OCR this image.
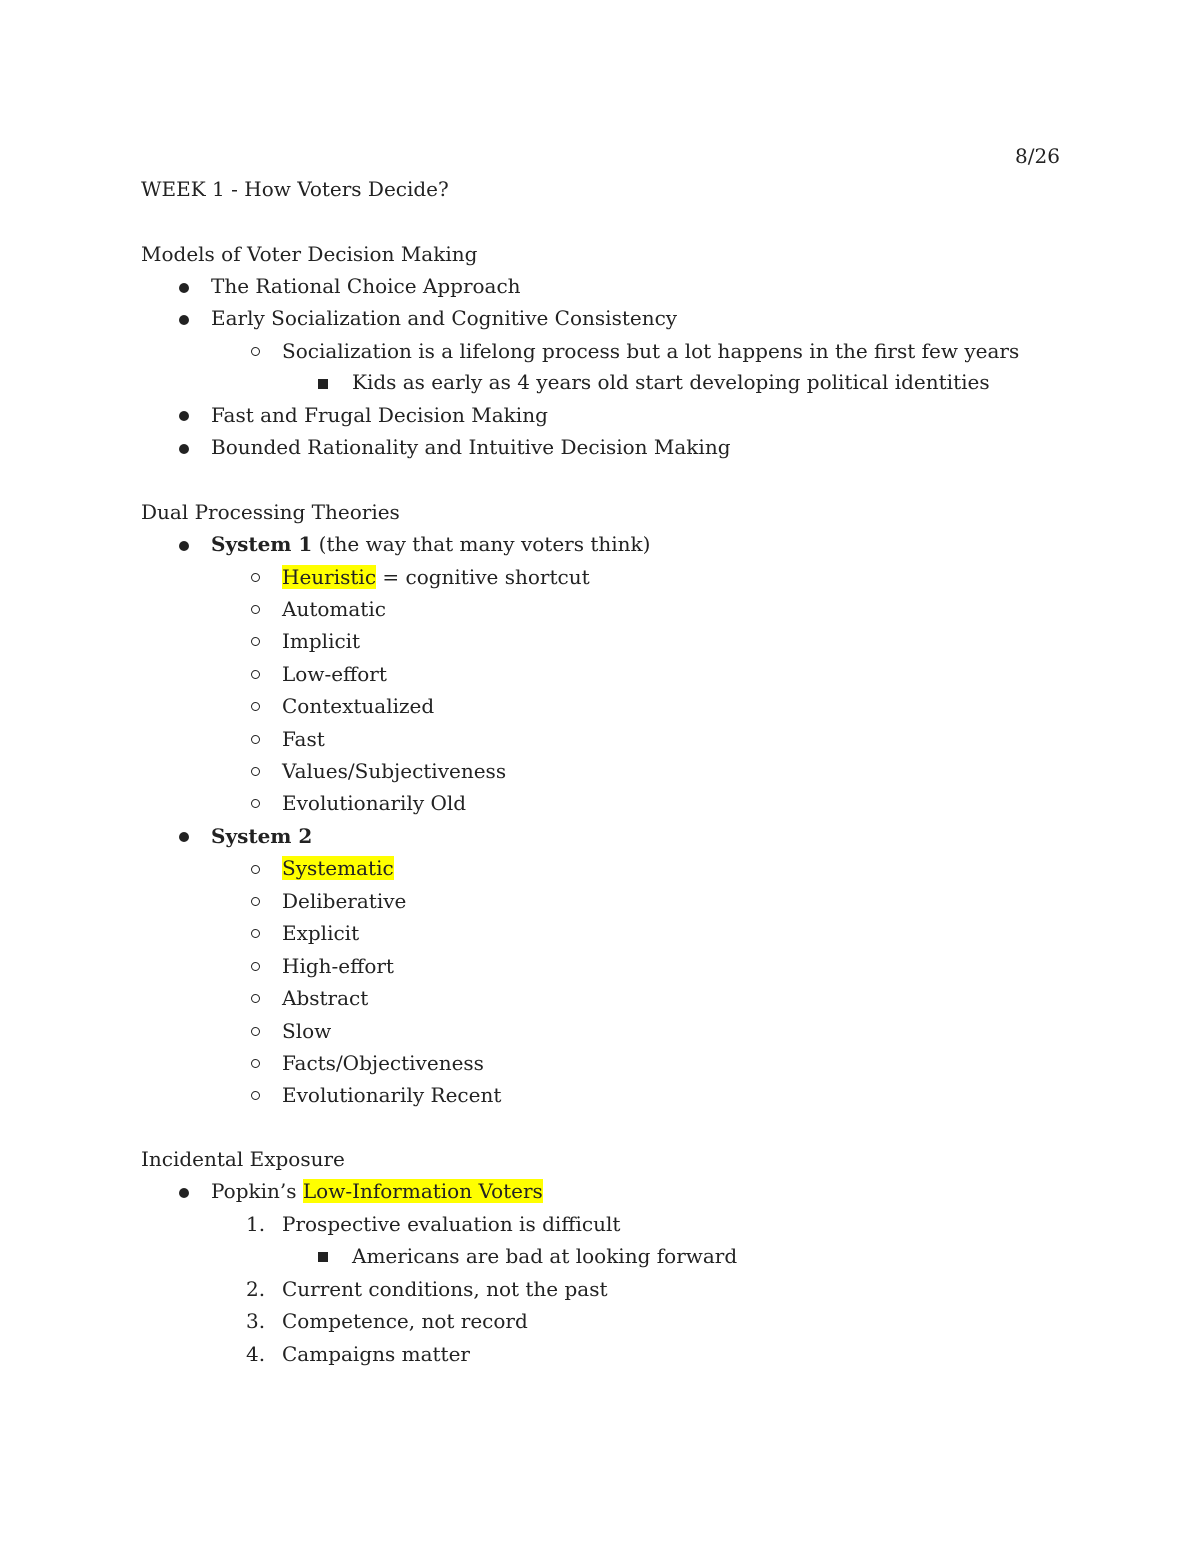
8/26
WEEK 1 - How Voters Decide?
Models of Voter Decision Making
The Rational Choice Approach
Early Socialization and Cognitive Consistency
Socialization is a lifelong process but a lot happens in the first few years
Kids as early as 4 years old start developing political identities
Fast and Frugal Decision Making
Bounded Rationality and Intuitive Decision Making
Dual Processing Theories
System 1 (the way that many voters think)
Heuristic = cognitive shortcut
Automatic
Implicit
Low-effort
Contextualized
Fast
Values/Subjectiveness
Evolutionarily Old
System 2
Systematic
Deliberative
Explicit
High-effort
Abstract
Slow
Facts/Objectiveness
Evolutionarily Recent
Incidental Exposure
Popkin’s Low-Information Voters
1. Prospective evaluation is difficult
Americans are bad at looking forward
2. Current conditions, not the past
3. Competence, not record
4. Campaigns matter
